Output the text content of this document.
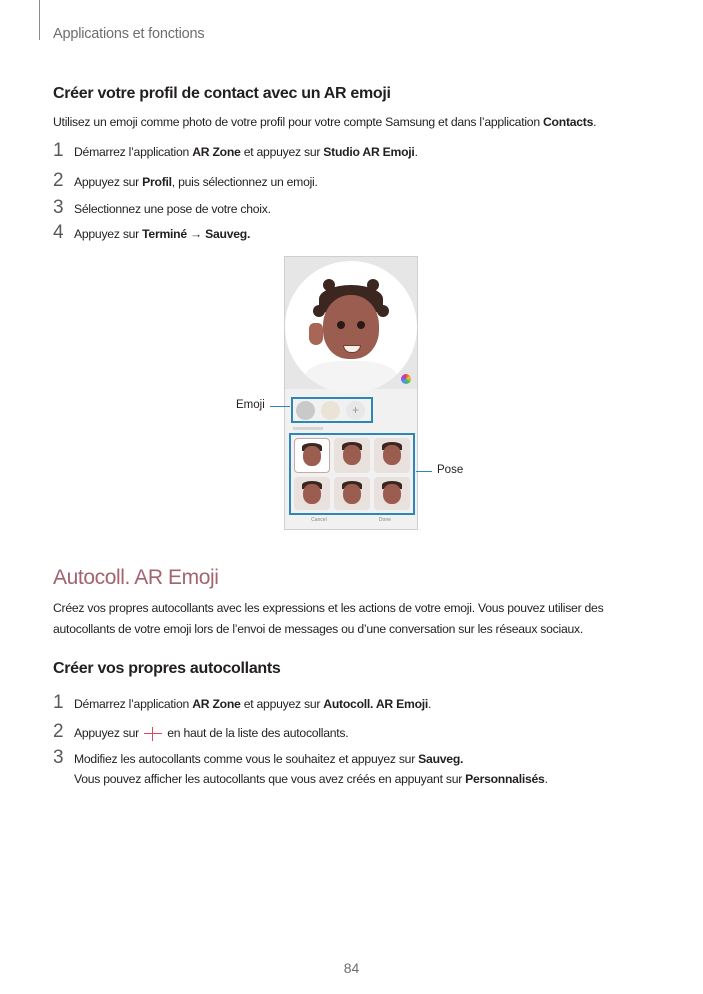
Applications et fonctions
Créer votre profil de contact avec un AR emoji

Utilisez un emoji comme photo de votre profil pour votre compte Samsung et dans l’application Contacts.

1 Démarrez l’application AR Zone et appuyez sur Studio AR Emoji.
2 Appuyez sur Profil, puis sélectionnez un emoji.
3 Sélectionnez une pose de votre choix.
4 Appuyez sur Terminé → Sauveg.
+
Cancel	Done
Emoji
Pose
Autocoll. AR Emoji

Créez vos propres autocollants avec les expressions et les actions de votre emoji. Vous pouvez utiliser des
autocollants de votre emoji lors de l’envoi de messages ou d’une conversation sur les réseaux sociaux.

Créer vos propres autocollants
1 Démarrez l’application AR Zone et appuyez sur Autocoll. AR Emoji.
2 Appuyez sur  en haut de la liste des autocollants.
3 Modifiez les autocollants comme vous le souhaitez et appuyez sur Sauveg.

Vous pouvez afficher les autocollants que vous avez créés en appuyant sur Personnalisés.

84
